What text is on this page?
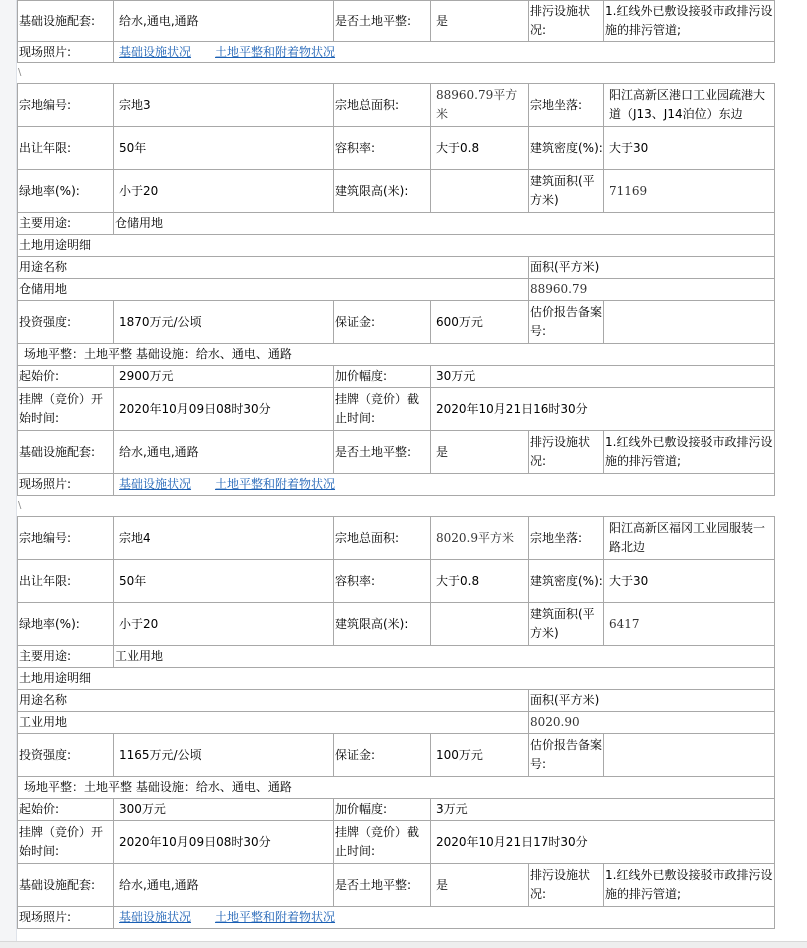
基础设施配套:	给水,通电,通路	是否土地平整:	是	排污设施状况:	1.红线外已敷设接驳市政排污设施的排污管道;
现场照片:	基础设施状况 土地平整和附着物状况				
\
宗地编号:	宗地3	宗地总面积:	88960.79平方米	宗地坐落:	阳江高新区港口工业园疏港大道（J13、J14泊位）东边
出让年限:	50年	容积率:	大于0.8	建筑密度(%):	大于30
绿地率(%):	小于20	建筑限高(米):		建筑面积(平方米)	71169
主要用途:	仓储用地				
土地用途明细					
用途名称				面积(平方米)	
仓储用地				88960.79	
投资强度:	1870万元/公顷	保证金:	600万元	估价报告备案号:	
场地平整：土地平整 基础设施：给水、通电、通路					
起始价:	2900万元	加价幅度:	30万元		
挂牌（竞价）开始时间:	2020年10月09日08时30分	挂牌（竞价）截止时间:	2020年10月21日16时30分		
基础设施配套:	给水,通电,通路	是否土地平整:	是	排污设施状况:	1.红线外已敷设接驳市政排污设施的排污管道;
现场照片:	基础设施状况 土地平整和附着物状况				
\
宗地编号:	宗地4	宗地总面积:	8020.9平方米	宗地坐落:	阳江高新区福冈工业园服装一路北边
出让年限:	50年	容积率:	大于0.8	建筑密度(%):	大于30
绿地率(%):	小于20	建筑限高(米):		建筑面积(平方米)	6417
主要用途:	工业用地				
土地用途明细					
用途名称				面积(平方米)	
工业用地				8020.90	
投资强度:	1165万元/公顷	保证金:	100万元	估价报告备案号:	
场地平整：土地平整 基础设施：给水、通电、通路					
起始价:	300万元	加价幅度:	3万元		
挂牌（竞价）开始时间:	2020年10月09日08时30分	挂牌（竞价）截止时间:	2020年10月21日17时30分		
基础设施配套:	给水,通电,通路	是否土地平整:	是	排污设施状况:	1.红线外已敷设接驳市政排污设施的排污管道;
现场照片:	基础设施状况 土地平整和附着物状况				
